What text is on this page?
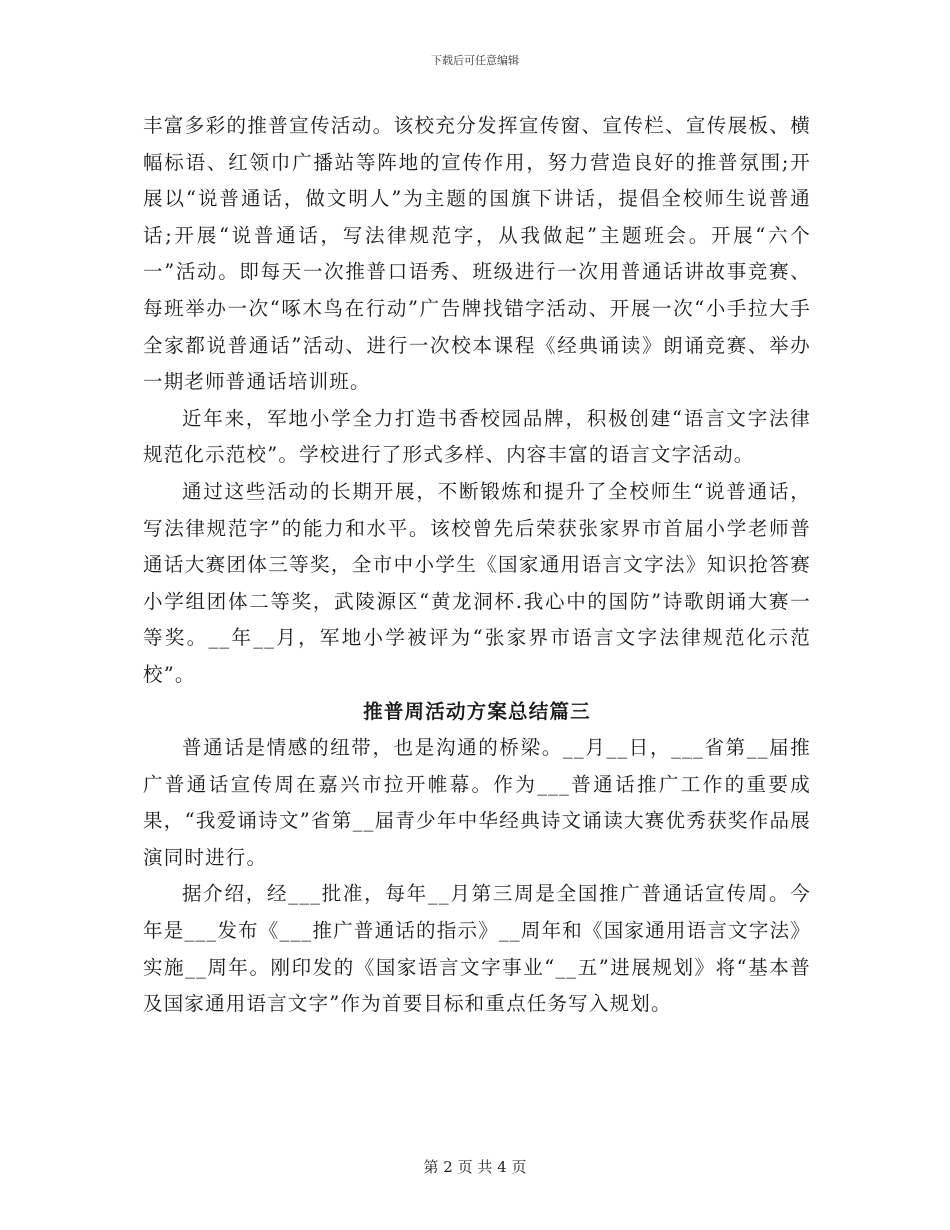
下载后可任意编辑

丰富多彩的推普宣传活动。该校充分发挥宣传窗、宣传栏、宣传展板、横幅标语、红领巾广播站等阵地的宣传作用，努力营造良好的推普氛围;开展以“说普通话，做文明人”为主题的国旗下讲话，提倡全校师生说普通话;开展“说普通话，写法律规范字，从我做起”主题班会。开展“六个一”活动。即每天一次推普口语秀、班级进行一次用普通话讲故事竞赛、每班举办一次“啄木鸟在行动”广告牌找错字活动、开展一次“小手拉大手全家都说普通话”活动、进行一次校本课程《经典诵读》朗诵竞赛、举办一期老师普通话培训班。

近年来，军地小学全力打造书香校园品牌，积极创建“语言文字法律规范化示范校”。学校进行了形式多样、内容丰富的语言文字活动。

通过这些活动的长期开展，不断锻炼和提升了全校师生“说普通话，写法律规范字”的能力和水平。该校曾先后荣获张家界市首届小学老师普通话大赛团体三等奖，全市中小学生《国家通用语言文字法》知识抢答赛小学组团体二等奖，武陵源区“黄龙洞杯.我心中的国防”诗歌朗诵大赛一等奖。__年__月，军地小学被评为“张家界市语言文字法律规范化示范校”。

推普周活动方案总结篇三

普通话是情感的纽带，也是沟通的桥梁。__月__日，___省第__届推广普通话宣传周在嘉兴市拉开帷幕。作为___普通话推广工作的重要成果，“我爱诵诗文”省第__届青少年中华经典诗文诵读大赛优秀获奖作品展演同时进行。

据介绍，经___批准，每年__月第三周是全国推广普通话宣传周。今年是___发布《___推广普通话的指示》__周年和《国家通用语言文字法》实施__周年。刚印发的《国家语言文字事业“__五”进展规划》将“基本普及国家通用语言文字”作为首要目标和重点任务写入规划。

第 2 页 共 4 页
